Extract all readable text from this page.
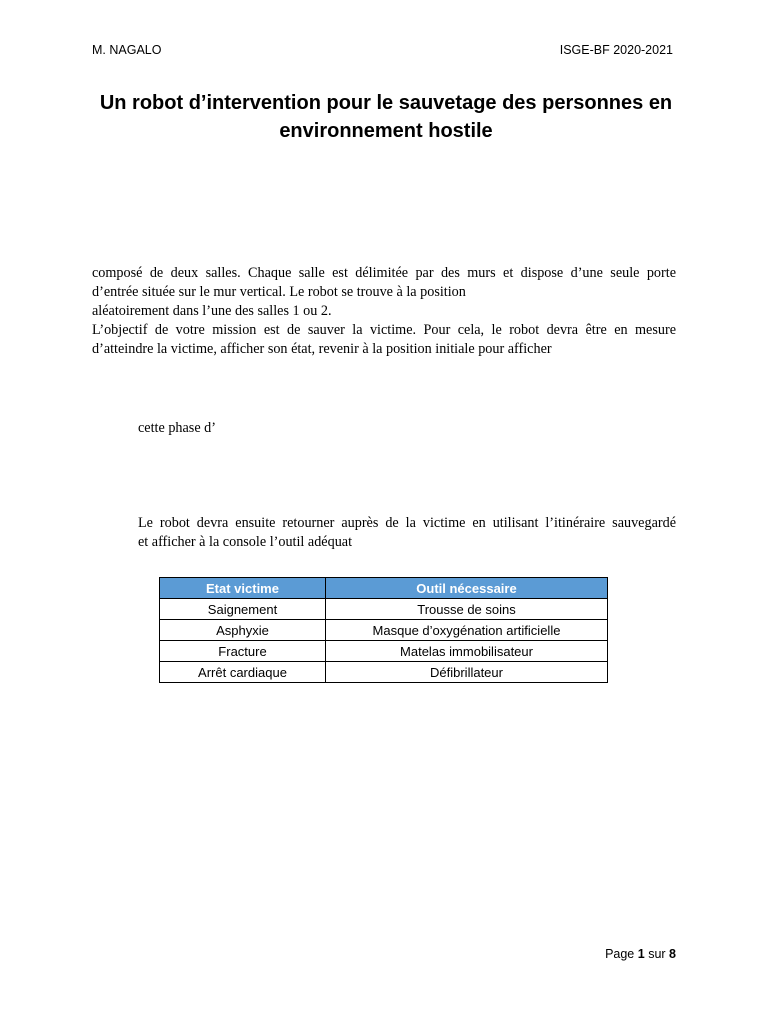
M. NAGALO	ISGE-BF 2020-2021
Un robot d’intervention pour le sauvetage des personnes en
environnement hostile
composé de deux salles. Chaque salle est délimitée par des murs et dispose d’une seule porte
d’entrée située sur le mur vertical. Le robot se trouve à la position
aléatoirement dans l’une des salles 1 ou 2.
L’objectif de votre mission est de sauver la victime. Pour cela, le robot devra être en mesure
d’atteindre la victime, afficher son état, revenir à la position initiale pour afficher
cette phase d’
Le robot devra ensuite retourner auprès de la victime en utilisant l’itinéraire sauvegardé
et afficher à la console l’outil adéquat
Etat victime	Outil nécessaire
Saignement	Trousse de soins
Asphyxie	Masque d’oxygénation artificielle
Fracture	Matelas immobilisateur
Arrêt cardiaque	Défibrillateur
Page 1 sur 8
